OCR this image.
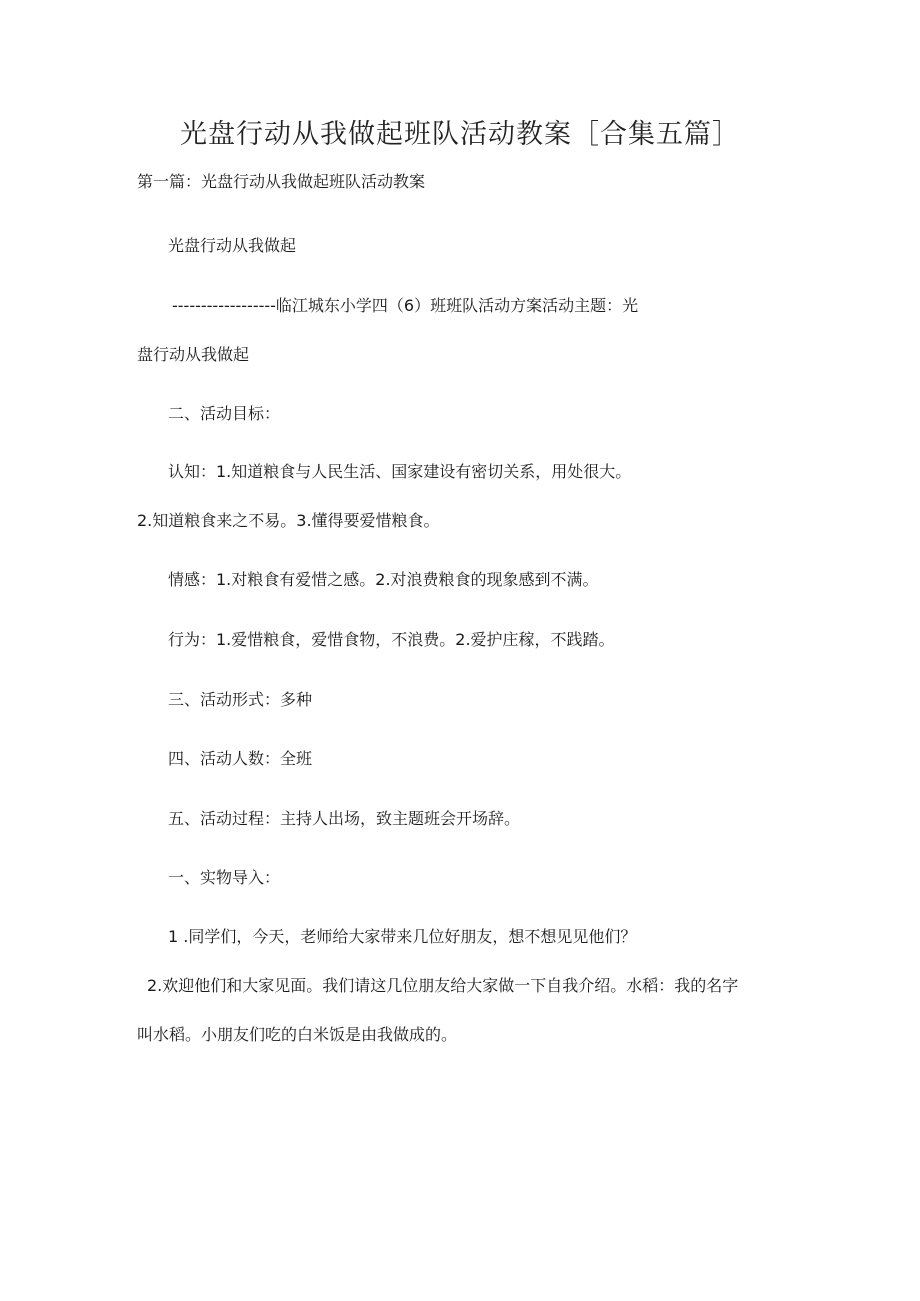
光盘行动从我做起班队活动教案［合集五篇］
第一篇：光盘行动从我做起班队活动教案
光盘行动从我做起
------------------临江城东小学四（6）班班队活动方案活动主题：光
盘行动从我做起
二、活动目标：
认知：1.知道粮食与人民生活、国家建设有密切关系，用处很大。
2.知道粮食来之不易。3.懂得要爱惜粮食。
情感：1.对粮食有爱惜之感。2.对浪费粮食的现象感到不满。
行为：1.爱惜粮食，爱惜食物，不浪费。2.爱护庄稼，不践踏。
三、活动形式：多种
四、活动人数：全班
五、活动过程：主持人出场，致主题班会开场辞。
一、实物导入：
1 .同学们，今天，老师给大家带来几位好朋友，想不想见见他们？
2.欢迎他们和大家见面。我们请这几位朋友给大家做一下自我介绍。水稻：我的名字
叫水稻。小朋友们吃的白米饭是由我做成的。
